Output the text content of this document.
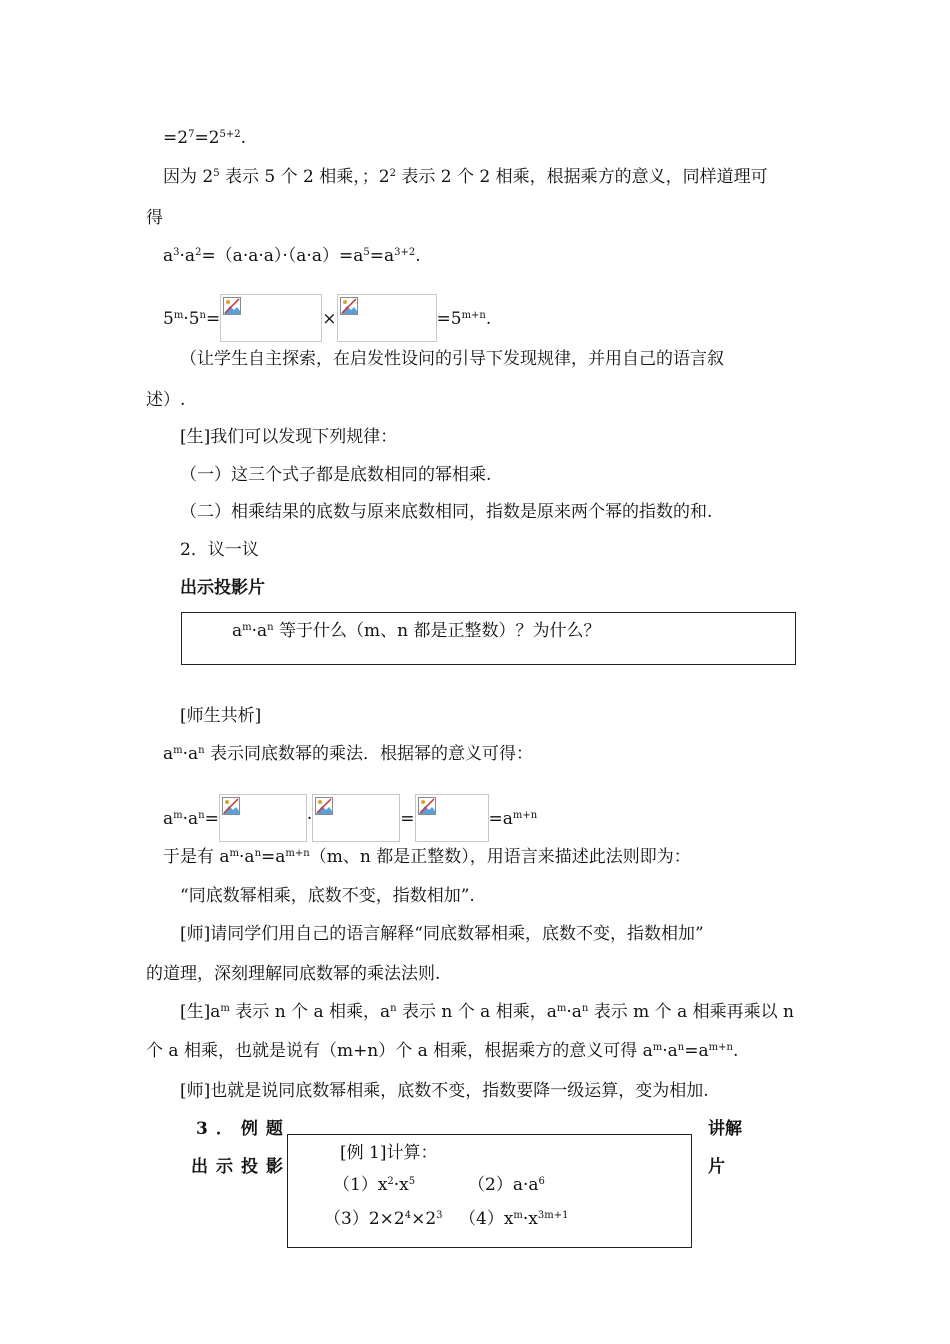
$=2^7=2^{5+2}$.
因为 $2^5$ 表示 5 个 2 相乘，；$2^2$ 表示 2 个 2 相乘，根据乘方的意义，同样道理可
得
$a^3\cdot a^2=(a\cdot a\cdot a)\cdot(a\cdot a)=a^5=a^{3+2}$.
$5^m\cdot 5^n=$	×	$=5^{m+n}$.
（让学生自主探索，在启发性设问的引导下发现规律，并用自己的语言叙
述）.
[生]我们可以发现下列规律：
（一）这三个式子都是底数相同的幂相乘.
（二）相乘结果的底数与原来底数相同，指数是原来两个幂的指数的和.
2．议一议
出示投影片
$a^m\cdot a^n$ 等于什么（m、n 都是正整数）？为什么？
[师生共析]
$a^m\cdot a^n$ 表示同底数幂的乘法．根据幂的意义可得：
$a^m\cdot a^n=$	·	=	$=a^{m+n}$
于是有 $a^m\cdot a^n=a^{m+n}(m$、n 都是正整数），用语言来描述此法则即为：
“同底数幂相乘，底数不变，指数相加”.
[师]请同学们用自己的语言解释“同底数幂相乘，底数不变，指数相加”
的道理，深刻理解同底数幂的乘法法则.
[生]$a^m$ 表示 n 个 a 相乘，$a^n$ 表示 n 个 a 相乘，$a^m\cdot a^n$ 表示 m 个 a 相乘再乘以 n
个 a 相乘，也就是说有（m+n）个 a 相乘，根据乘方的意义可得 $a^m\cdot a^n=a^{m+n}$.
[师]也就是说同底数幂相乘，底数不变，指数要降一级运算，变为相加.
3．例题
出示投影
讲解
片
[例 1]计算：
$(1)x^2\cdot x^5$	$(2)a\cdot a^6$
$(3)2\times 2^4\times 2^3$ $(4)x^m\cdot x^{3m+1}$
